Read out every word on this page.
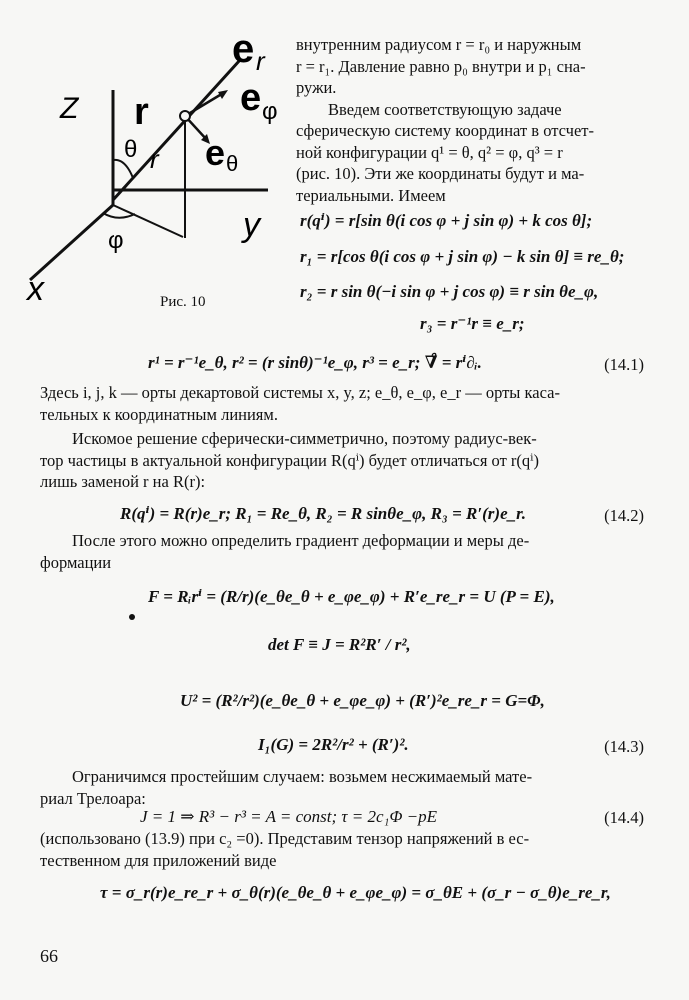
Z
x
y
r
r
θ
φ
e r
e φ
e θ
Рис. 10
внутренним радиусом r = r₀ и наружным
r = r₁. Давление равно p₀ внутри и p₁ сна-
ружи.
Введем соответствующую задаче
сферическую систему координат в отсчет-
ной конфигурации q¹ = θ, q² = φ, q³ = r
(рис. 10). Эти же координаты будут и ма-
териальными. Имеем
r(qⁱ) = r[sin θ(i cos φ + j sin φ) + k cos θ];
r₁ = r[cos θ(i cos φ + j sin φ) − k sin θ] ≡ re_θ;
r₂ = r sin θ(−i sin φ + j cos φ) ≡ r sin θe_φ,
r₃ = r⁻¹r ≡ e_r;
r¹ = r⁻¹e_θ, r² = (r sinθ)⁻¹e_φ, r³ = e_r; ∇̊ = rⁱ∂ᵢ.	(14.1)
Здесь i, j, k — орты декартовой системы x, y, z; e_θ, e_φ, e_r — орты каса-
тельных к координатным линиям.
Искомое решение сферически-симметрично, поэтому радиус-век-
тор частицы в актуальной конфигурации R(qⁱ) будет отличаться от r(qⁱ)
лишь заменой r на R(r):
R(qⁱ) = R(r)e_r; R₁ = Re_θ, R₂ = R sinθe_φ, R₃ = R′(r)e_r.	(14.2)
После этого можно определить градиент деформации и меры де-
формации
F = Rᵢrⁱ = (R/r)(e_θe_θ + e_φe_φ) + R′e_re_r = U (P = E),
det F ≡ J = R²R′ / r²,
U² = (R²/r²)(e_θe_θ + e_φe_φ) + (R′)²e_re_r = G=Φ,
I₁(G) = 2R²/r² + (R′)².	(14.3)
Ограничимся простейшим случаем: возьмем несжимаемый мате-
риал Трелоара:
J = 1 ⇒ R³ − r³ = A = const; τ = 2c₁Φ −pE	(14.4)
(использовано (13.9) при c₂ =0). Представим тензор напряжений в ес-
тественном для приложений виде
τ = σ_r(r)e_re_r + σ_θ(r)(e_θe_θ + e_φe_φ) = σ_θE + (σ_r − σ_θ)e_re_r,
66
